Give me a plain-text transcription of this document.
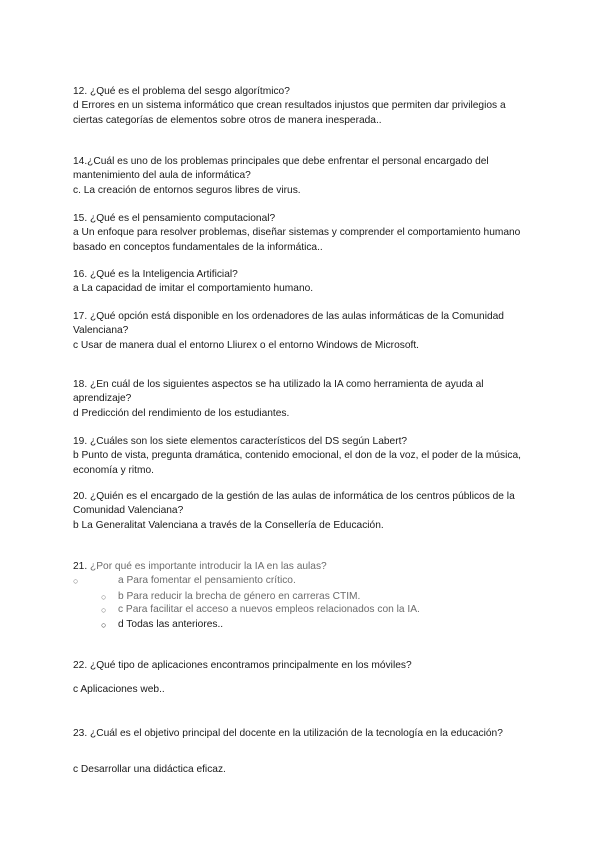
12. ¿Qué es el problema del sesgo algorítmico?

d Errores en un sistema informático que crean resultados injustos que permiten dar privilegios a ciertas categorías de elementos sobre otros de manera inesperada..

14.¿Cuál es uno de los problemas principales que debe enfrentar el personal encargado del mantenimiento del aula de informática?

c. La creación de entornos seguros libres de virus.

15. ¿Qué es el pensamiento computacional?

a Un enfoque para resolver problemas, diseñar sistemas y comprender el comportamiento humano basado en conceptos fundamentales de la informática..

16. ¿Qué es la Inteligencia Artificial?

a La capacidad de imitar el comportamiento humano.

17. ¿Qué opción está disponible en los ordenadores de las aulas informáticas de la Comunidad Valenciana?

c Usar de manera dual el entorno Lliurex o el entorno Windows de Microsoft.

18. ¿En cuál de los siguientes aspectos se ha utilizado la IA como herramienta de ayuda al aprendizaje?

d Predicción del rendimiento de los estudiantes.

19. ¿Cuáles son los siete elementos característicos del DS según Labert?

b Punto de vista, pregunta dramática, contenido emocional, el don de la voz, el poder de la música, economía y ritmo.

20. ¿Quién es el encargado de la gestión de las aulas de informática de los centros públicos de la Comunidad Valenciana?

b La Generalitat Valenciana a través de la Consellería de Educación.

21. ¿Por qué es importante introducir la IA en las aulas?

○	a Para fomentar el pensamiento crítico.
○ b Para reducir la brecha de género en carreras CTIM.
○ c Para facilitar el acceso a nuevos empleos relacionados con la IA.
○ d Todas las anteriores..

22. ¿Qué tipo de aplicaciones encontramos principalmente en los móviles?

c Aplicaciones web..

23. ¿Cuál es el objetivo principal del docente en la utilización de la tecnología en la educación?

c Desarrollar una didáctica eficaz.
